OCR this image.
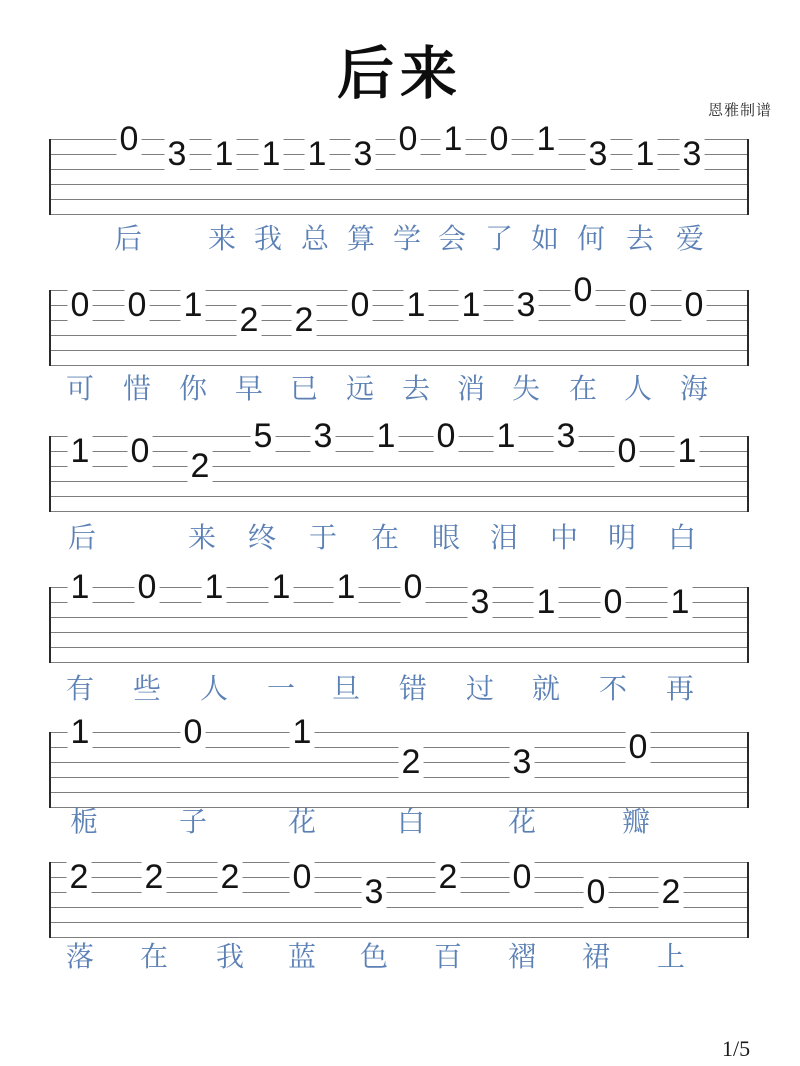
后来
恩雅制谱
1/5
0 3 1 1 1 3 0 1 0 1 3 1 3
后 来 我 总 算 学 会 了 如 何 去 爱
0 0 1 2 2 0 1 1 3 0 0 0
可 惜 你 早 已 远 去 消 失 在 人 海
1 0 2
5 3 1 0 1 3 0 1
后	来 终 于 在 眼 泪 中 明 白
1 0 1 1 1 0 3 1 0 1
有 些 人 一 旦 错 过 就 不 再
1	0	1
2	3	0
栀	子	花	白	花	瓣
2 2 2 0 3 2 0 0 2
落 在 我 蓝 色 百 褶 裙 上
